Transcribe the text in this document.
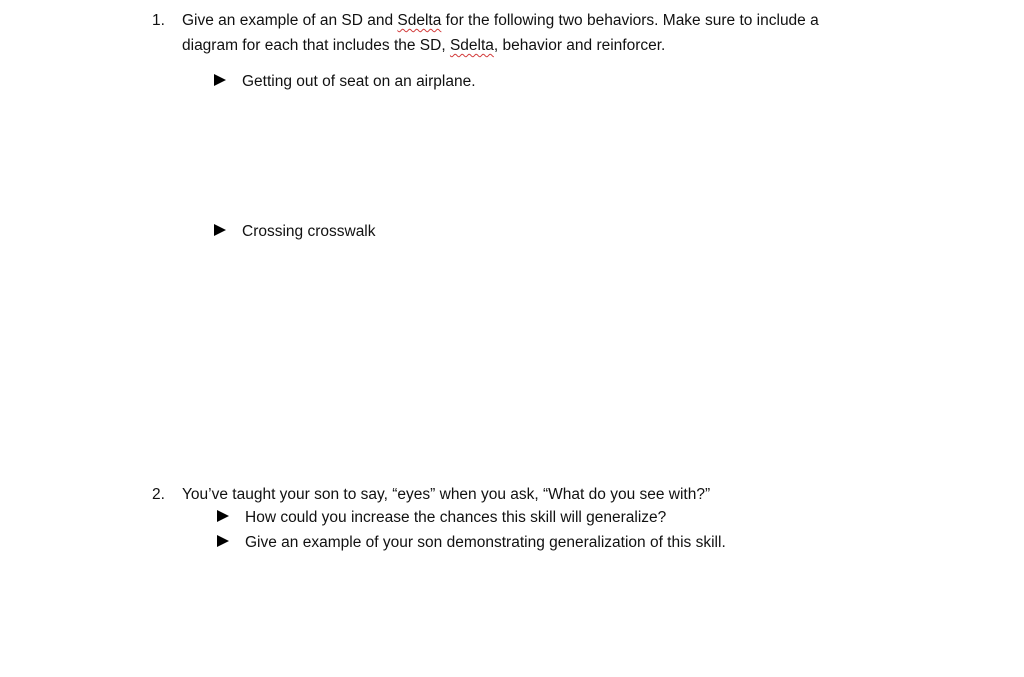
1.	Give an example of an SD and Sdelta for the following two behaviors. Make sure to include a
diagram for each that includes the SD, Sdelta, behavior and reinforcer.
Getting out of seat on an airplane.
Crossing crosswalk
2.	You’ve taught your son to say, “eyes” when you ask, “What do you see with?”
How could you increase the chances this skill will generalize?
Give an example of your son demonstrating generalization of this skill.
